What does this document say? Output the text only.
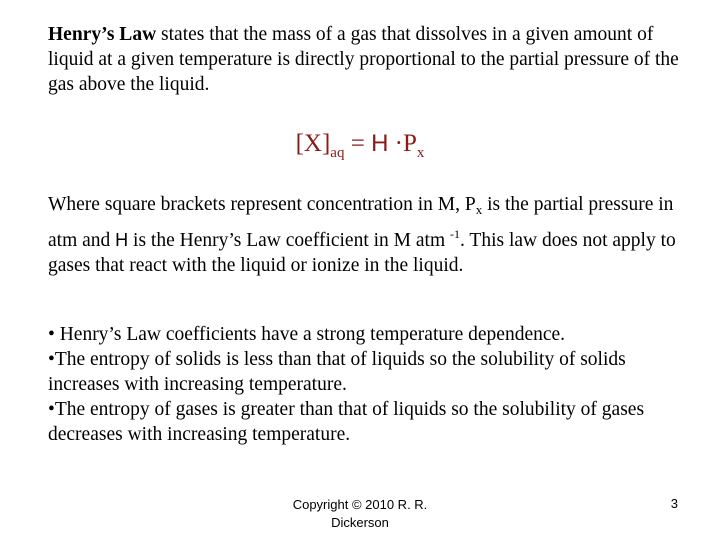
Henry’s Law states that the mass of a gas that dissolves in a given amount of liquid at a given temperature is directly proportional to the partial pressure of the gas above the liquid.
$[X]_{aq} = H \cdot P_x$
Where square brackets represent concentration in M, $P_x$ is the partial pressure in atm and H is the Henry’s Law coefficient in M atm $^{-1}$. This law does not apply to gases that react with the liquid or ionize in the liquid.

• Henry’s Law coefficients have a strong temperature dependence.

•The entropy of solids is less than that of liquids so the solubility of solids increases with increasing temperature.

•The entropy of gases is greater than that of liquids so the solubility of gases decreases with increasing temperature.

Copyright © 2010 R. R.
Dickerson
3
